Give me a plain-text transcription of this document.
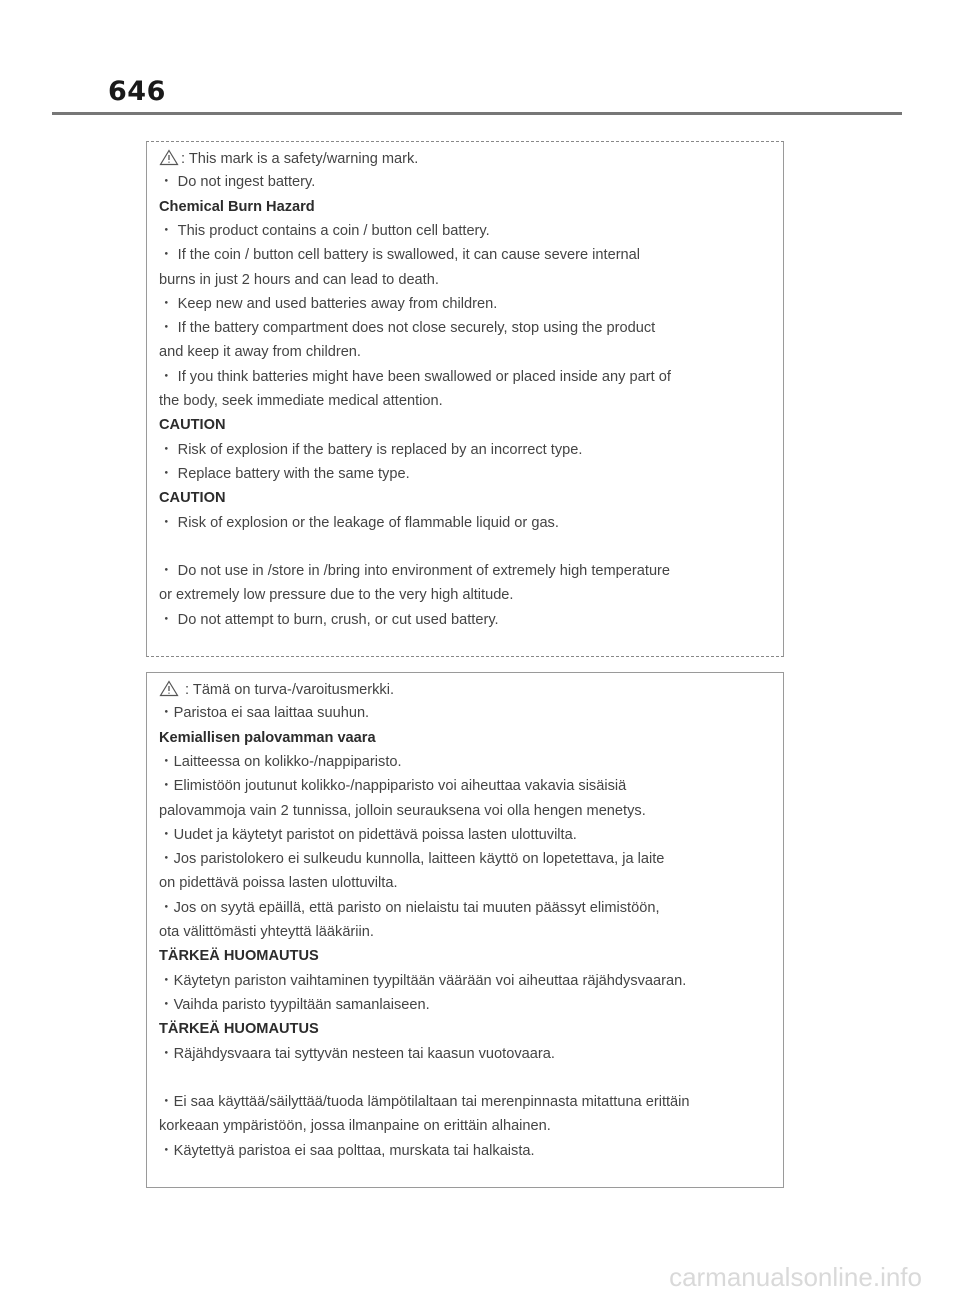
646
: This mark is a safety/warning mark.
・ Do not ingest battery.
Chemical Burn Hazard
・ This product contains a coin / button cell battery.
・ If the coin / button cell battery is swallowed, it can cause severe internal
burns in just 2 hours and can lead to death.
・ Keep new and used batteries away from children.
・ If the battery compartment does not close securely, stop using the product
and keep it away from children.
・ If you think batteries might have been swallowed or placed inside any part of
the body, seek immediate medical attention.
CAUTION
・ Risk of explosion if the battery is replaced by an incorrect type.
・ Replace battery with the same type.
CAUTION
・ Risk of explosion or the leakage of flammable liquid or gas.
・ Do not use in /store in /bring into environment of extremely high temperature
or extremely low pressure due to the very high altitude.
・ Do not attempt to burn, crush, or cut used battery.
: Tämä on turva-/varoitusmerkki.
・Paristoa ei saa laittaa suuhun.
Kemiallisen palovamman vaara
・Laitteessa on kolikko-/nappiparisto.
・Elimistöön joutunut kolikko-/nappiparisto voi aiheuttaa vakavia sisäisiä
palovammoja vain 2 tunnissa, jolloin seurauksena voi olla hengen menetys.
・Uudet ja käytetyt paristot on pidettävä poissa lasten ulottuvilta.
・Jos paristolokero ei sulkeudu kunnolla, laitteen käyttö on lopetettava, ja laite
on pidettävä poissa lasten ulottuvilta.
・Jos on syytä epäillä, että paristo on nielaistu tai muuten päässyt elimistöön,
ota välittömästi yhteyttä lääkäriin.
TÄRKEÄ HUOMAUTUS
・Käytetyn pariston vaihtaminen tyypiltään väärään voi aiheuttaa räjähdysvaaran.
・Vaihda paristo tyypiltään samanlaiseen.
TÄRKEÄ HUOMAUTUS
・Räjähdysvaara tai syttyvän nesteen tai kaasun vuotovaara.
・Ei saa käyttää/säilyttää/tuoda lämpötilaltaan tai merenpinnasta mitattuna erittäin
korkeaan ympäristöön, jossa ilmanpaine on erittäin alhainen.
・Käytettyä paristoa ei saa polttaa, murskata tai halkaista.
carmanualsonline.info
